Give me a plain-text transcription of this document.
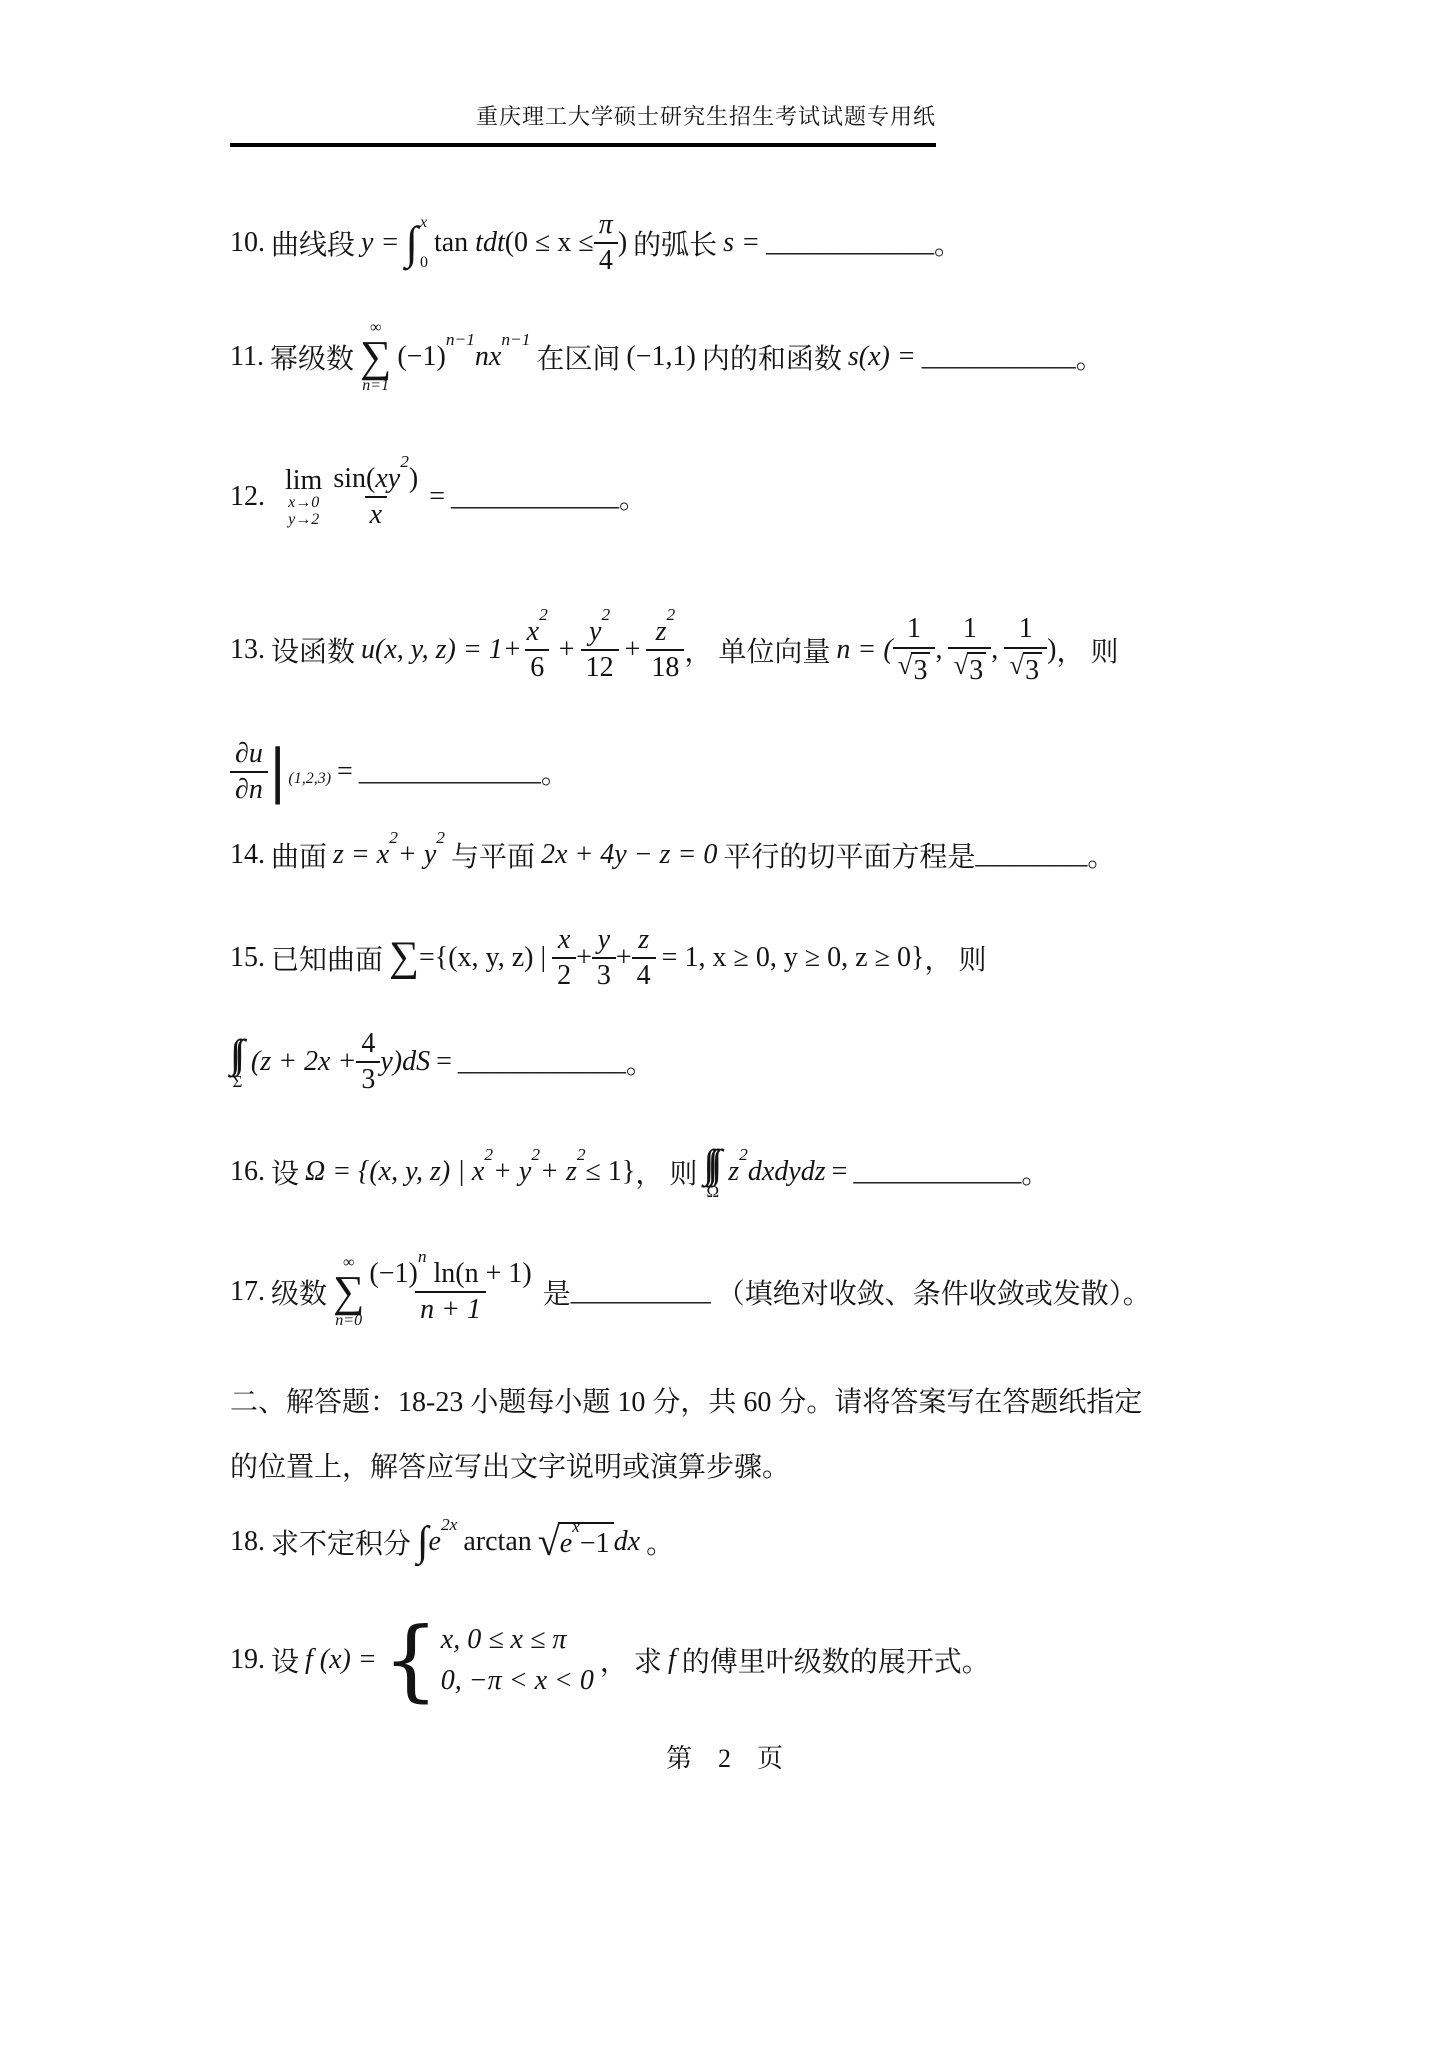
重庆理工大学硕士研究生招生考试试题专用纸
10. 曲线段 y = ∫ x
0
$\tan tdt(0 \le x \le \frac{\pi}{4}$ ) 的弧长 s = ____________ 。
11. 幂级数
∞
∑
n=1
$(-1)^{n-1}nx^{n-1}$
在区间 (−1,1) 内的和函数 s(x) = ___________ 。
12.
lim
x→0
$y\to 2 \frac{\sin(xy^2)}{x}$ = ____________ 。
13. 设函数 u(x, y, $z) = 1+ \frac{x^2}{6} + \frac{y^2}{12} + \frac{z^2}{18}$ ， 单位向量 n = ( $\frac{1}{√ 3}$ , $\frac{1}{√ 3}$ , $\frac{1}{√ 3}$ ) ， 则
$\frac{\partial u}{\partial n}$ | (1,2,3) = _____________ 。
14. 曲面 $z = x^2+ y^2$
与平面 2x + 4y − z = 0 平行的切平面方程是 ________ 。
15. 已知曲面 ∑ ={(x, y, z) | $\frac{x}{2} + \frac{y}{3} + \frac{z}{4} = 1$, x ≥ 0, y ≥ 0, z ≥ 0} ， 则
∫∫
Σ
$(z + 2x + \frac{4}{3} y)dS$ = ____________ 。
16. 设 Ω = {(x, y, z) | $x^2+ y^2+ z^2\le 1$} ， 则 ∫∫∫
Ω
$z^2dxdydz$ = ____________ 。
17. 级数
∞
∑
$n=0 \frac{(-1)^n \ln(n + 1)}{n + 1}$ 是 __________ （填绝对收敛、条件收敛或发散）。
二、解答题：18-23 小题每小题 10 分，共 60 分。请将答案写在答题纸指定
的位置上，解答应写出文字说明或演算步骤。
18. 求不定积分 ∫ $e^{2x}$
arctan √ $e^x-1$ dx 。
19. 设 f (x) = { x, 0 ≤ x ≤ π
0, −π < x < 0
， 求 f 的傅里叶级数的展开式。
第　2　页
